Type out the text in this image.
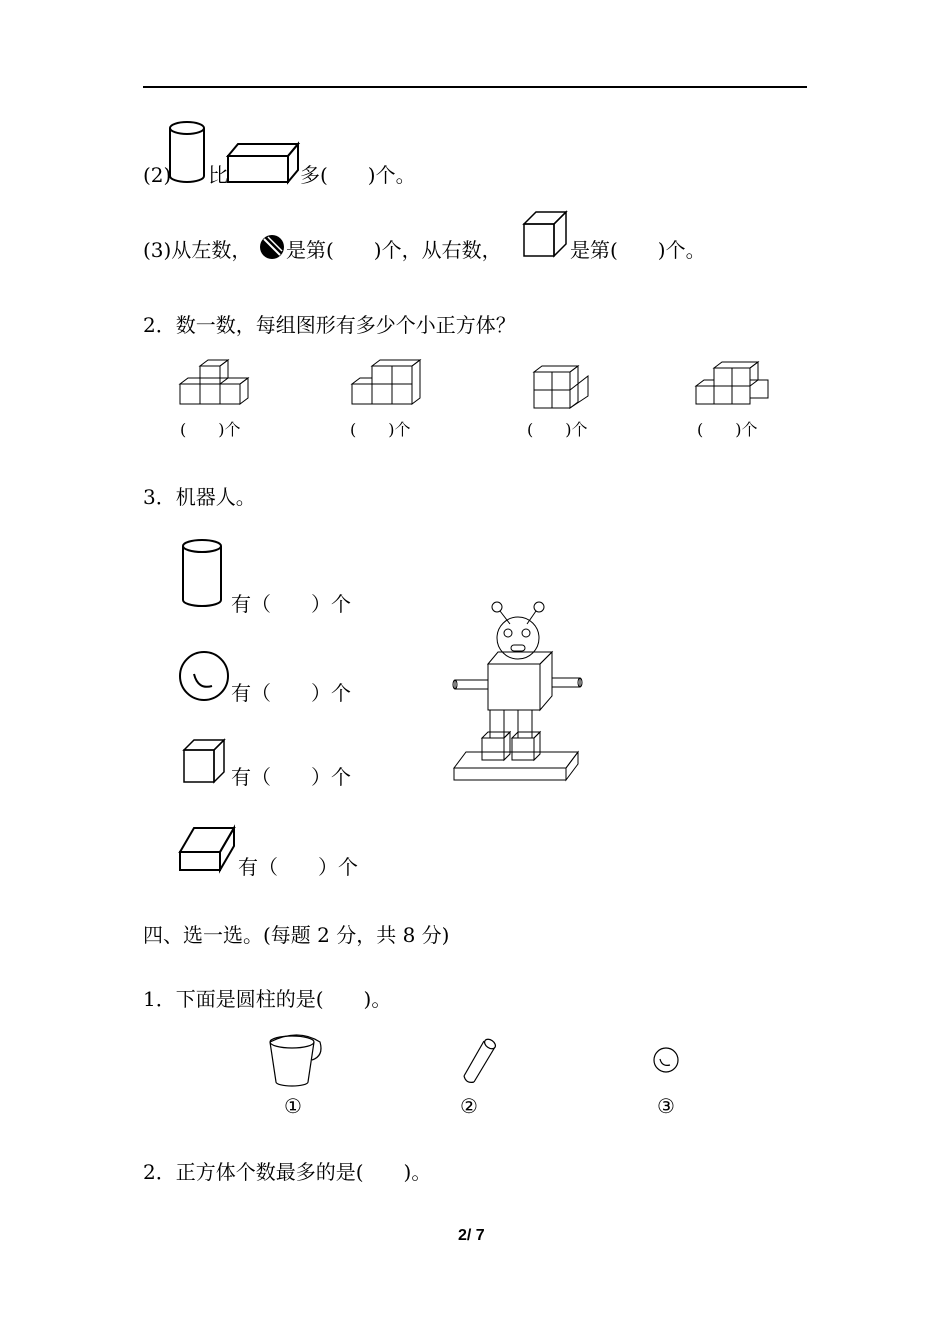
(2) 比	多(　　)个。
(3)从左数， 是第(　　)个，从右数，	是第(　　)个。
2．数一数，每组图形有多少个小正方体？
(　　)个	(　　)个	(　　)个	(　　)个
3．机器人。
有（　　）个
有（　　）个
有（　　）个
有（　　）个
四、选一选。(每题 2 分，共 8 分)
1．下面是圆柱的是(　　)。
①	②	③
2．正方体个数最多的是(　　)。
2/ 7
